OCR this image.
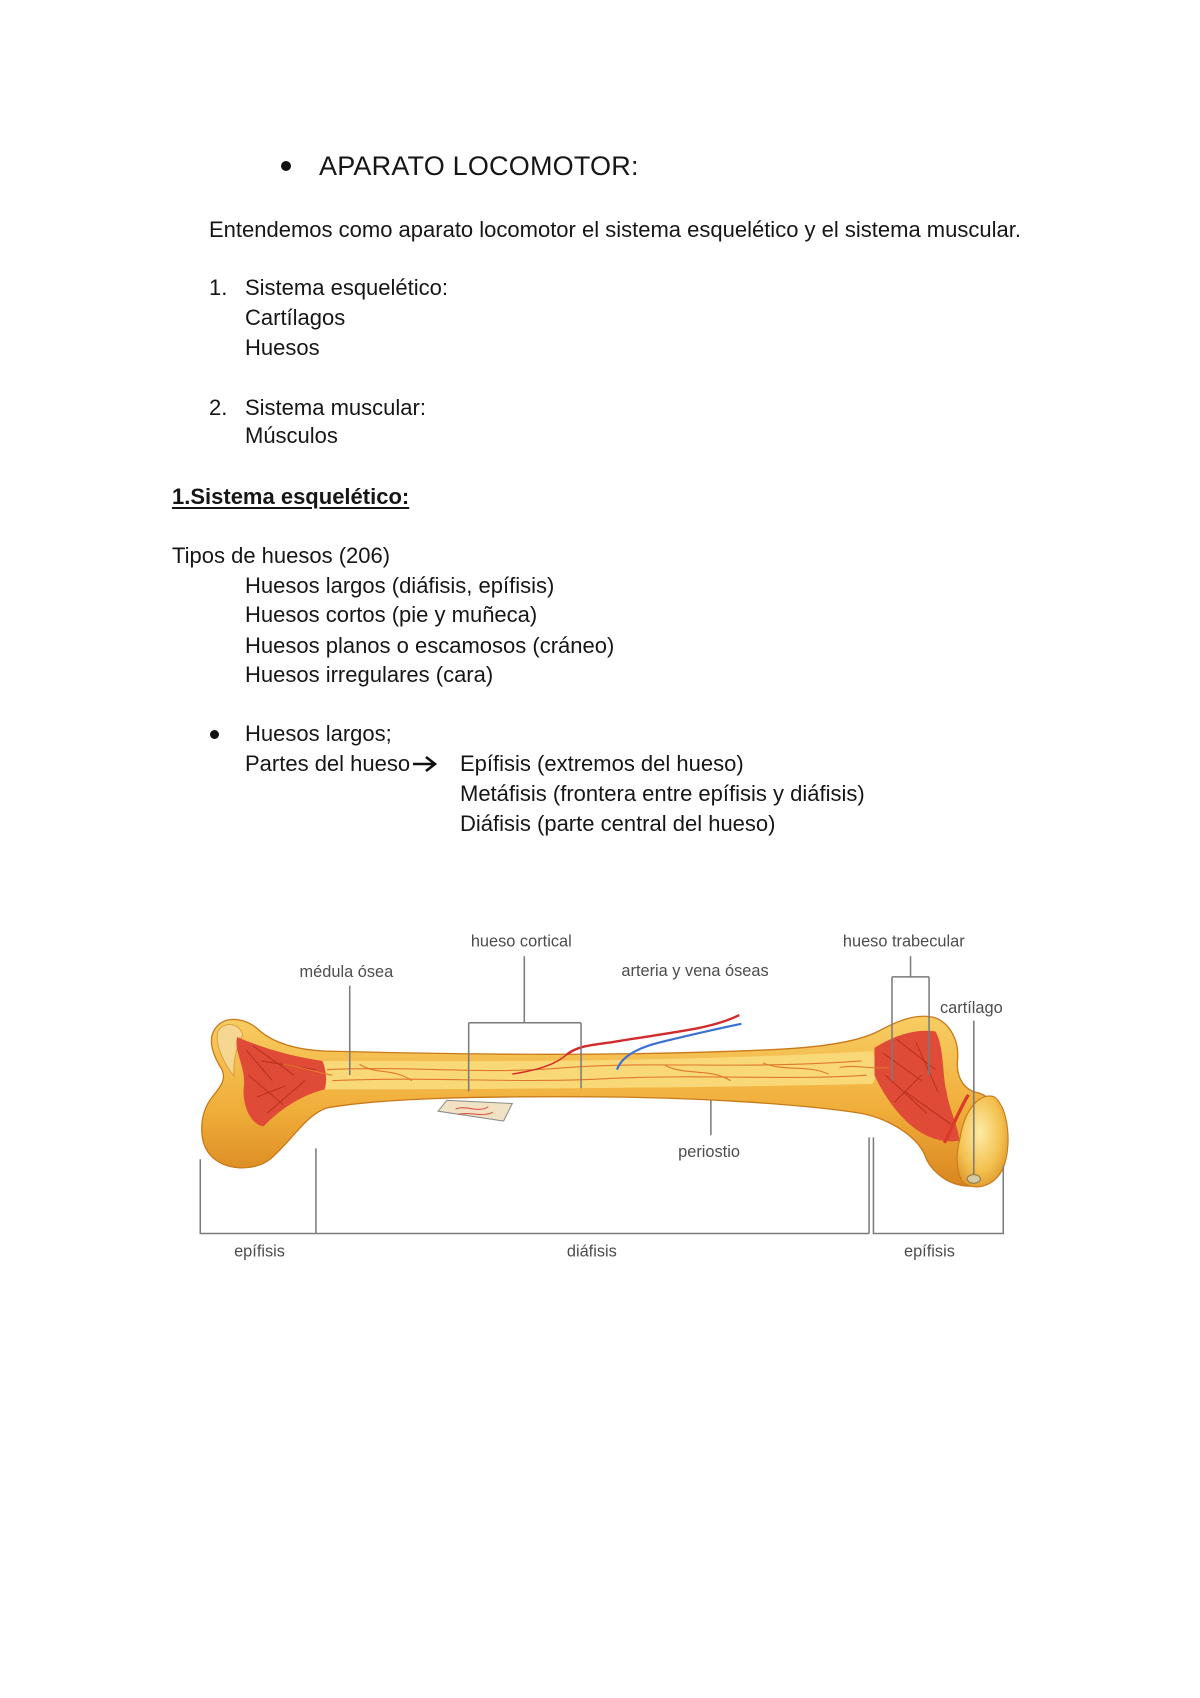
APARATO LOCOMOTOR:
Entendemos como aparato locomotor el sistema esquelético y el sistema muscular.
1. Sistema esquelético:
Cartílagos
Huesos
2. Sistema muscular:
Músculos
1.Sistema esquelético:
Tipos de huesos (206)
Huesos largos (diáfisis, epífisis)
Huesos cortos (pie y muñeca)
Huesos planos o escamosos (cráneo)
Huesos irregulares (cara)
Huesos largos;
Partes del hueso Epífisis (extremos del hueso)
Metáfisis (frontera entre epífisis y diáfisis)
Diáfisis (parte central del hueso)
hueso cortical
médula ósea	arteria y vena óseas
hueso trabecular
cartílago
periostio
epífisis	diáfisis	epífisis
